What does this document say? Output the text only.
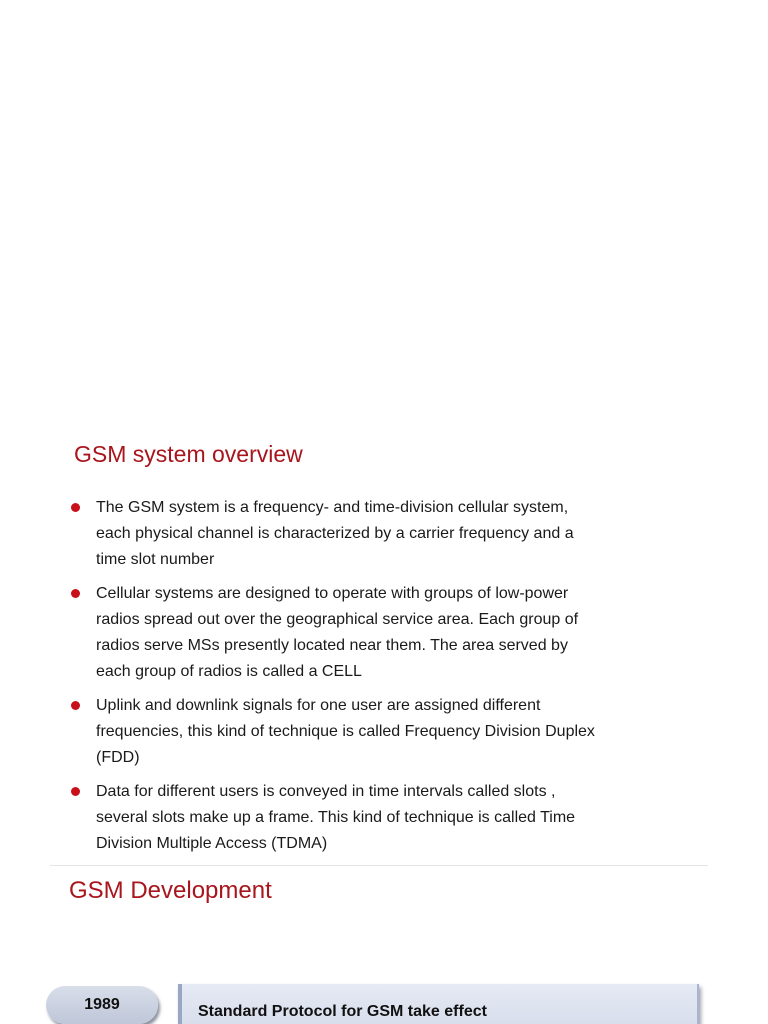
GSM system overview
The GSM system is a frequency- and time-division cellular system,
each physical channel is characterized by a carrier frequency and a
time slot number
Cellular systems are designed to operate with groups of low-power
radios spread out over the geographical service area. Each group of
radios serve MSs presently located near them. The area served by
each group of radios is called a CELL
Uplink and downlink signals for one user are assigned different
frequencies, this kind of technique is called Frequency Division Duplex
(FDD)
Data for different users is conveyed in time intervals called slots ,
several slots make up a frame. This kind of technique is called Time
Division Multiple Access (TDMA)
GSM Development
1989	Standard Protocol for GSM take effect
